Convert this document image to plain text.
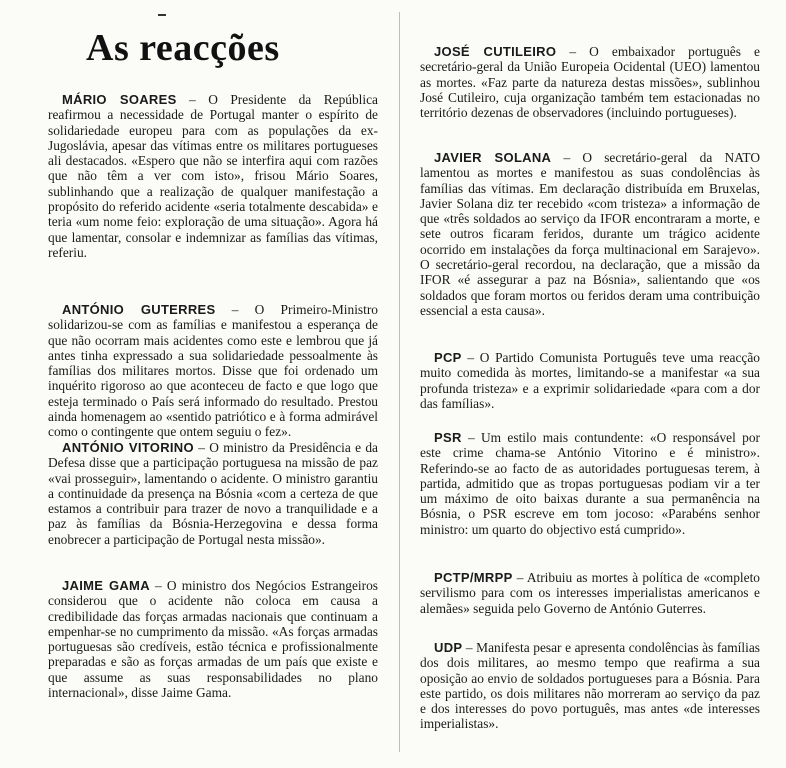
As reacções
MÁRIO SOARES – O Presidente da República reafirmou a necessidade de Portugal manter o espírito de solidariedade europeu para com as populações da ex-Jugoslávia, apesar das vítimas entre os militares portugueses ali destacados. «Espero que não se interfira aqui com razões que não têm a ver com isto», frisou Mário Soares, sublinhando que a realização de qualquer manifestação a propósito do referido acidente «seria totalmente descabida» e teria «um nome feio: exploração de uma situação». Agora há que lamentar, consolar e indemnizar as famílias das vítimas, referiu.
ANTÓNIO GUTERRES – O Primeiro-Ministro solidarizou-se com as famílias e manifestou a esperança de que não ocorram mais acidentes como este e lembrou que já antes tinha expressado a sua solidariedade pessoalmente às famílias dos militares mortos. Disse que foi ordenado um inquérito rigoroso ao que aconteceu de facto e que logo que esteja terminado o País será informado do resultado. Prestou ainda homenagem ao «sentido patriótico e à forma admirável como o contingente que ontem seguiu o fez».
ANTÓNIO VITORINO – O ministro da Presidência e da Defesa disse que a participação portuguesa na missão de paz «vai prosseguir», lamentando o acidente. O ministro garantiu a continuidade da presença na Bósnia «com a certeza de que estamos a contribuir para trazer de novo a tranquilidade e a paz às famílias da Bósnia-Herzegovina e dessa forma enobrecer a participação de Portugal nesta missão».
JAIME GAMA – O ministro dos Negócios Estrangeiros considerou que o acidente não coloca em causa a credibilidade das forças armadas nacionais que continuam a empenhar-se no cumprimento da missão. «As forças armadas portuguesas são credíveis, estão técnica e profissionalmente preparadas e são as forças armadas de um país que existe e que assume as suas responsabilidades no plano internacional», disse Jaime Gama.
JOSÉ CUTILEIRO – O embaixador português e secretário-geral da União Europeia Ocidental (UEO) lamentou as mortes. «Faz parte da natureza destas missões», sublinhou José Cutileiro, cuja organização também tem estacionadas no território dezenas de observadores (incluindo portugueses).
JAVIER SOLANA – O secretário-geral da NATO lamentou as mortes e manifestou as suas condolências às famílias das vítimas. Em declaração distribuída em Bruxelas, Javier Solana diz ter recebido «com tristeza» a informação de que «três soldados ao serviço da IFOR encontraram a morte, e sete outros ficaram feridos, durante um trágico acidente ocorrido em instalações da força multinacional em Sarajevo». O secretário-geral recordou, na declaração, que a missão da IFOR «é assegurar a paz na Bósnia», salientando que «os soldados que foram mortos ou feridos deram uma contribuição essencial a esta causa».
PCP – O Partido Comunista Português teve uma reacção muito comedida às mortes, limitando-se a manifestar «a sua profunda tristeza» e a exprimir solidariedade «para com a dor das famílias».
PSR – Um estilo mais contundente: «O responsável por este crime chama-se António Vitorino e é ministro». Referindo-se ao facto de as autoridades portuguesas terem, à partida, admitido que as tropas portuguesas podiam vir a ter um máximo de oito baixas durante a sua permanência na Bósnia, o PSR escreve em tom jocoso: «Parabéns senhor ministro: um quarto do objectivo está cumprido».
PCTP/MRPP – Atribuiu as mortes à política de «completo servilismo para com os interesses imperialistas americanos e alemães» seguida pelo Governo de António Guterres.
UDP – Manifesta pesar e apresenta condolências às famílias dos dois militares, ao mesmo tempo que reafirma a sua oposição ao envio de soldados portugueses para a Bósnia. Para este partido, os dois militares não morreram ao serviço da paz e dos interesses do povo português, mas antes «de interesses imperialistas».
